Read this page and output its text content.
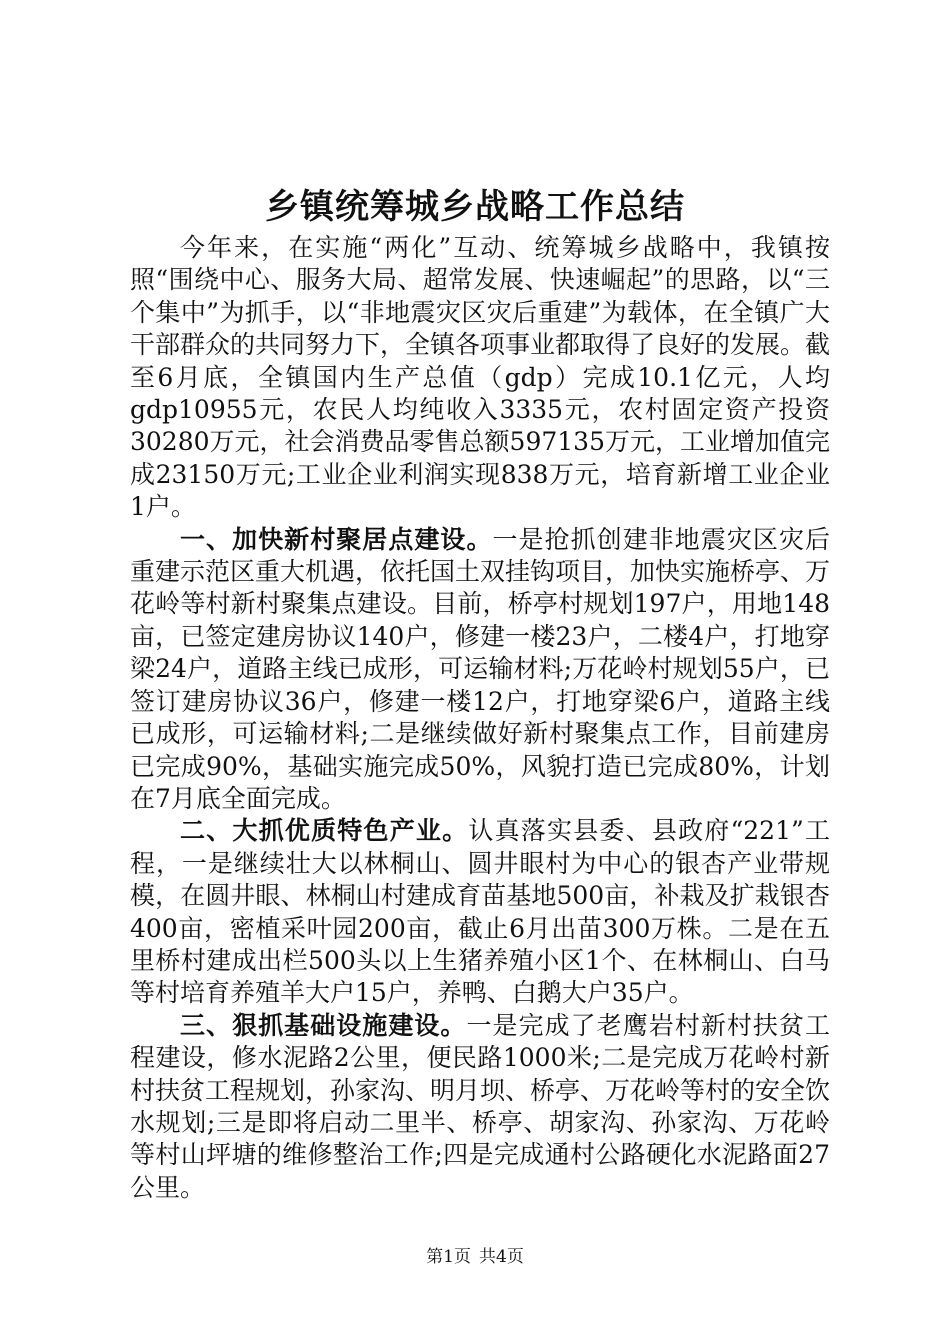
乡镇统筹城乡战略工作总结

今年来，在实施“两化”互动、统筹城乡战略中，我镇按照“围绕中心、服务大局、超常发展、快速崛起”的思路，以“三个集中”为抓手，以“非地震灾区灾后重建”为载体，在全镇广大干部群众的共同努力下，全镇各项事业都取得了良好的发展。截至6月底，全镇国内生产总值（gdp）完成10.1亿元，人均gdp10955元，农民人均纯收入3335元，农村固定资产投资30280万元，社会消费品零售总额597135万元，工业增加值完成23150万元;工业企业利润实现838万元，培育新增工业企业1户。

一、加快新村聚居点建设。一是抢抓创建非地震灾区灾后重建示范区重大机遇，依托国土双挂钩项目，加快实施桥亭、万花岭等村新村聚集点建设。目前，桥亭村规划197户，用地148亩，已签定建房协议140户，修建一楼23户，二楼4户，打地穿梁24户，道路主线已成形，可运输材料;万花岭村规划55户，已签订建房协议36户，修建一楼12户，打地穿梁6户，道路主线已成形，可运输材料;二是继续做好新村聚集点工作，目前建房已完成90%，基础实施完成50%，风貌打造已完成80%，计划在7月底全面完成。

二、大抓优质特色产业。认真落实县委、县政府“221”工程，一是继续壮大以林桐山、圆井眼村为中心的银杏产业带规模，在圆井眼、林桐山村建成育苗基地500亩，补栽及扩栽银杏400亩，密植采叶园200亩，截止6月出苗300万株。二是在五里桥村建成出栏500头以上生猪养殖小区1个、在林桐山、白马等村培育养殖羊大户15户，养鸭、白鹅大户35户。

三、狠抓基础设施建设。一是完成了老鹰岩村新村扶贫工程建设，修水泥路2公里，便民路1000米;二是完成万花岭村新村扶贫工程规划，孙家沟、明月坝、桥亭、万花岭等村的安全饮水规划;三是即将启动二里半、桥亭、胡家沟、孙家沟、万花岭等村山坪塘的维修整治工作;四是完成通村公路硬化水泥路面27公里。

第1页 共4页
